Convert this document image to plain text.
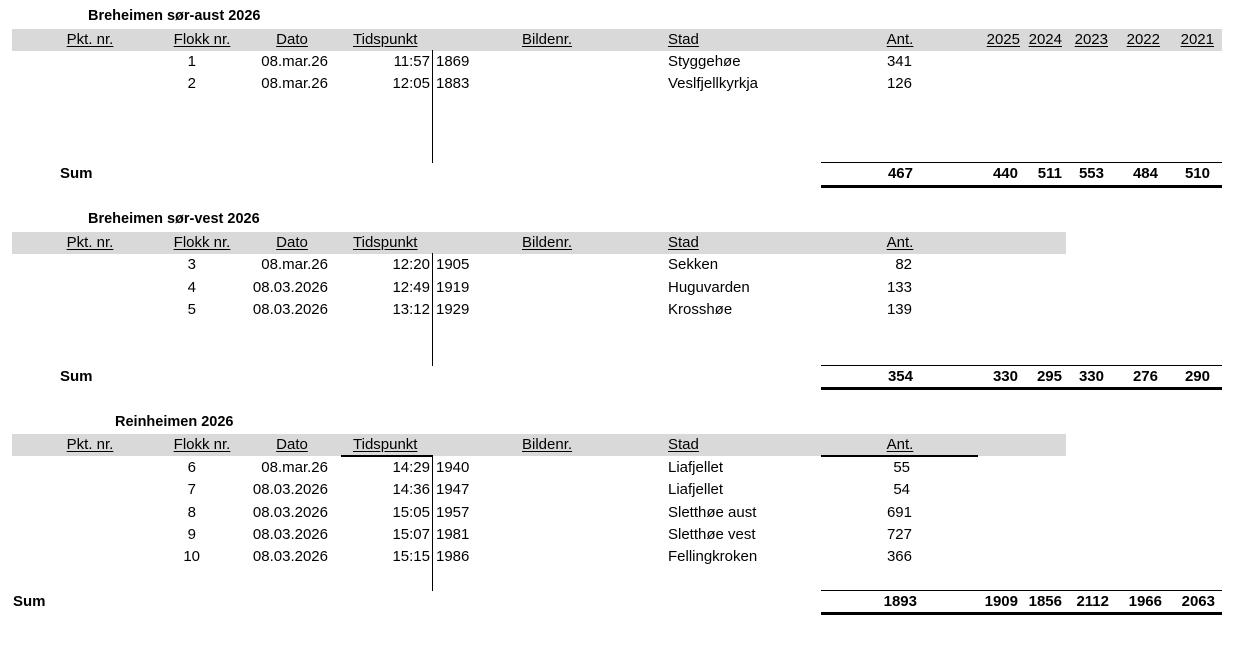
Breheimen sør-aust 2026
Pkt. nr.	Flokk nr.	Dato	Tidspunkt	Bildenr.	Stad	Ant.	2025 2024 2023	2022	2021
1	08.mar.26	11:57 1869	Styggehøe	341
2	08.mar.26	12:05 1883	Veslfjellkyrkja	126
Sum	467	440	511	553	484	510
Breheimen sør-vest 2026
Pkt. nr.	Flokk nr.	Dato	Tidspunkt	Bildenr.	Stad	Ant.
3	08.mar.26	12:20 1905	Sekken	82
4	08.03.2026	12:49 1919	Huguvarden	133
5	08.03.2026	13:12 1929	Krosshøe	139
Sum	354	330	295	330	276	290
Reinheimen 2026
Pkt. nr.	Flokk nr.	Dato	Tidspunkt	Bildenr.	Stad	Ant.
6	08.mar.26	14:29 1940	Liafjellet	55
7	08.03.2026	14:36 1947	Liafjellet	54
8	08.03.2026	15:05 1957	Sletthøe aust	691
9	08.03.2026	15:07 1981	Sletthøe vest	727
10	08.03.2026	15:15 1986	Fellingkroken	366
Sum	1893	1909 1856 2112	1966	2063
